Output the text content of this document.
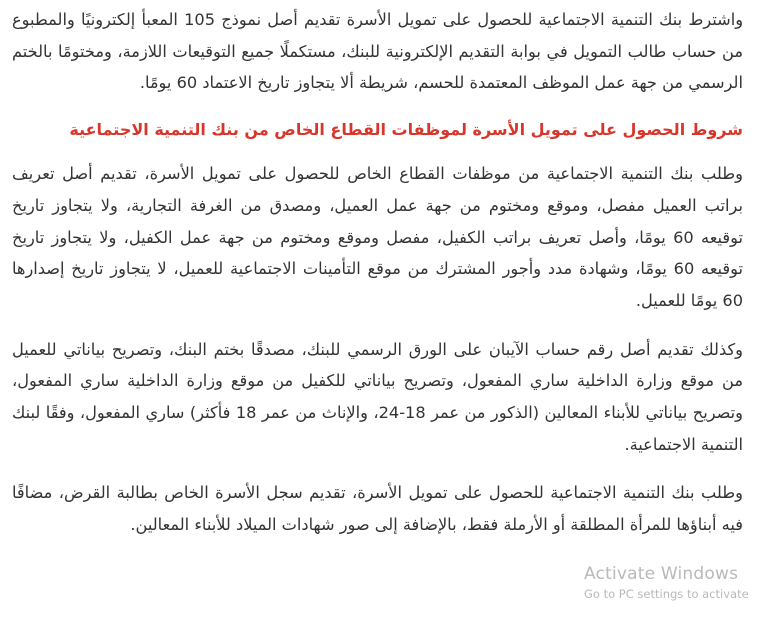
واشترط بنك التنمية الاجتماعية للحصول على تمويل الأسرة تقديم أصل نموذج 105 المعبأ إلكترونيًا والمطبوع من حساب طالب التمويل في بوابة التقديم الإلكترونية للبنك، مستكملًا جميع التوقيعات اللازمة، ومختومًا بالختم الرسمي من جهة عمل الموظف المعتمدة للحسم، شريطة ألا يتجاوز تاريخ الاعتماد 60 يومًا.

شروط الحصول على تمويل الأسرة لموظفات القطاع الخاص من بنك التنمية الاجتماعية

وطلب بنك التنمية الاجتماعية من موظفات القطاع الخاص للحصول على تمويل الأسرة، تقديم أصل تعريف براتب العميل مفصل، وموقع ومختوم من جهة عمل العميل، ومصدق من الغرفة التجارية، ولا يتجاوز تاريخ توقيعه 60 يومًا، وأصل تعريف براتب الكفيل، مفصل وموقع ومختوم من جهة عمل الكفيل، ولا يتجاوز تاريخ توقيعه 60 يومًا، وشهادة مدد وأجور المشترك من موقع التأمينات الاجتماعية للعميل، لا يتجاوز تاريخ إصدارها 60 يومًا للعميل.

وكذلك تقديم أصل رقم حساب الآيبان على الورق الرسمي للبنك، مصدقًا بختم البنك، وتصريح بياناتي للعميل من موقع وزارة الداخلية ساري المفعول، وتصريح بياناتي للكفيل من موقع وزارة الداخلية ساري المفعول، وتصريح بياناتي للأبناء المعالين (الذكور من عمر 18-24، والإناث من عمر 18 فأكثر) ساري المفعول، وفقًا لبنك التنمية الاجتماعية.

وطلب بنك التنمية الاجتماعية للحصول على تمويل الأسرة، تقديم سجل الأسرة الخاص بطالبة القرض، مضافًا فيه أبناؤها للمرأة المطلقة أو الأرملة فقط، بالإضافة إلى صور شهادات الميلاد للأبناء المعالين.

Activate Windows
Go to PC settings to activate
